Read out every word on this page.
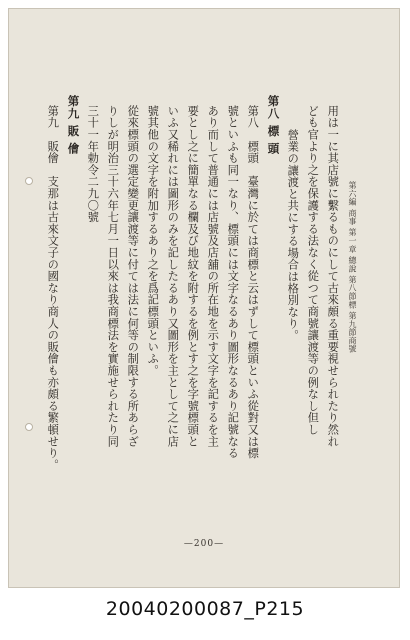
第六編 商事 第一章 總說 第八節標 第九節商號
用は一に其店號に繫るものにして古來頗る重要視せられたり然れ
ども官より之を保護する法なく從つて商號讓渡等の例なし但し
營業の讓渡と共にする場合は格別なり。
第八 標 頭
第八　標頭　臺灣に於ては商標と云はずして標頭といふ從對又は標
號といふも同一なり、標頭には文字なるあり圖形なるあり記號なる
あり而して普通には店號及店舖の所在地を示す文字を記するを主
要とし之に簡單なる欄及び地紋を附するを例とす之を字號標頭と
いふ又稀れには圖形のみを記したるあり又圖形を主として之に店
號其他の文字を附加するあり之を爲記標頭といふ。
從來標頭の選定變更讓渡等に付ては法に何等の制限する所あらざ
りしが明治三十六年七月一日以來は我商標法を實施せられたり同
三十一年勅令二九〇號
第九 販 儈
第九　販儈　支那は古來文子の國なり商人の販儈も亦頗る繁頓せり。
—200—
20040200087_P215
